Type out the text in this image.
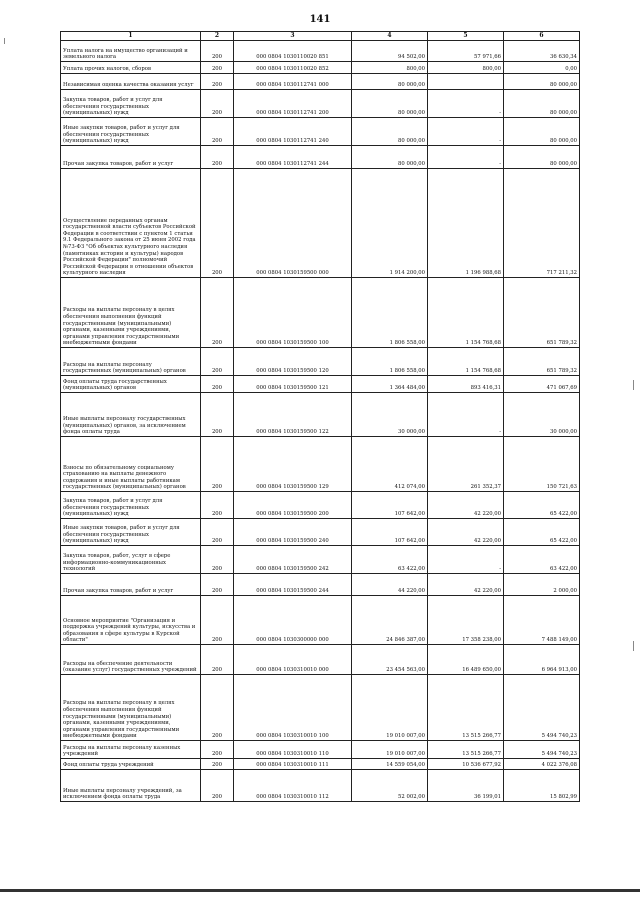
141
1	2	3	4	5	6
Уплата налога на имущество организаций и земельного налога	200	000 0804 1030110020 851	94 502,00	57 971,66	36 630,34
Уплата прочих налогов, сборов	200	000 0804 1030110020 852	800,00	800,00	0,00
Независимая оценка качества оказания услуг	200	000 0804 1030112741 000	80 000,00		80 000,00
Закупка товаров, работ и услуг для обеспечения государственных (муниципальных) нужд	200	000 0804 1030112741 200	80 000,00	-	80 000,00
Иные закупки товаров, работ и услуг для обеспечения государственных (муниципальных) нужд	200	000 0804 1030112741 240	80 000,00	-	80 000,00
Прочая закупка товаров, работ и услуг	200	000 0804 1030112741 244	80 000,00	-	80 000,00
Осуществление переданных органам государственной власти субъектов Российской Федерации в соответствии с пунктом 1 статьи 9.1 Федерального закона от 25 июня 2002 года №73-ФЗ "Об объектах культурного наследия (памятниках истории и культуры) народов Российской Федерации" полномочий Российской Федерации в отношении объектов культурного наследия	200	000 0804 1030159500 000	1 914 200,00	1 196 988,68	717 211,32
Расходы на выплаты персоналу в целях обеспечения выполнения функций государственными (муниципальными) органами, казенными учреждениями, органами управления государственными внебюджетными фондами	200	000 0804 1030159500 100	1 806 558,00	1 154 768,68	651 789,32
Расходы на выплаты персоналу государственных (муниципальных) органов	200	000 0804 1030159500 120	1 806 558,00	1 154 768,68	651 789,32
Фонд оплаты труда государственных (муниципальных) органов	200	000 0804 1030159500 121	1 364 484,00	893 416,31	471 067,69
Иные выплаты персоналу государственных (муниципальных) органов, за исключением фонда оплаты труда	200	000 0804 1030159500 122	30 000,00	-	30 000,00
Взносы по обязательному социальному страхованию на выплаты денежного содержания и иные выплаты работникам государственных (муниципальных) органов	200	000 0804 1030159500 129	412 074,00	261 352,37	150 721,63
Закупка товаров, работ и услуг для обеспечения государственных (муниципальных) нужд	200	000 0804 1030159500 200	107 642,00	42 220,00	65 422,00
Иные закупки товаров, работ и услуг для обеспечения государственных (муниципальных) нужд	200	000 0804 1030159500 240	107 642,00	42 220,00	65 422,00
Закупка товаров, работ, услуг в сфере информационно-коммуникационных технологий	200	000 0804 1030159500 242	63 422,00	-	63 422,00
Прочая закупка товаров, работ и услуг	200	000 0804 1030159500 244	44 220,00	42 220,00	2 000,00
Основное мероприятие "Организация и поддержка учреждений культуры, искусства и образования в сфере культуры в Курской области"	200	000 0804 1030300000 000	24 846 387,00	17 358 238,00	7 488 149,00
Расходы на обеспечение деятельности (оказание услуг) государственных учреждений	200	000 0804 1030310010 000	23 454 563,00	16 489 650,00	6 964 913,00
Расходы на выплаты персоналу в целях обеспечения выполнения функций государственными (муниципальными) органами, казенными учреждениями, органами управления государственными внебюджетными фондами	200	000 0804 1030310010 100	19 010 007,00	13 515 266,77	5 494 740,23
Расходы на выплаты персоналу казенных учреждений	200	000 0804 1030310010 110	19 010 007,00	13 515 266,77	5 494 740,23
Фонд оплаты труда учреждений	200	000 0804 1030310010 111	14 559 054,00	10 536 677,92	4 022 376,08
Иные выплаты персоналу учреждений, за исключением фонда оплаты труда	200	000 0804 1030310010 112	52 002,00	36 199,01	15 802,99
